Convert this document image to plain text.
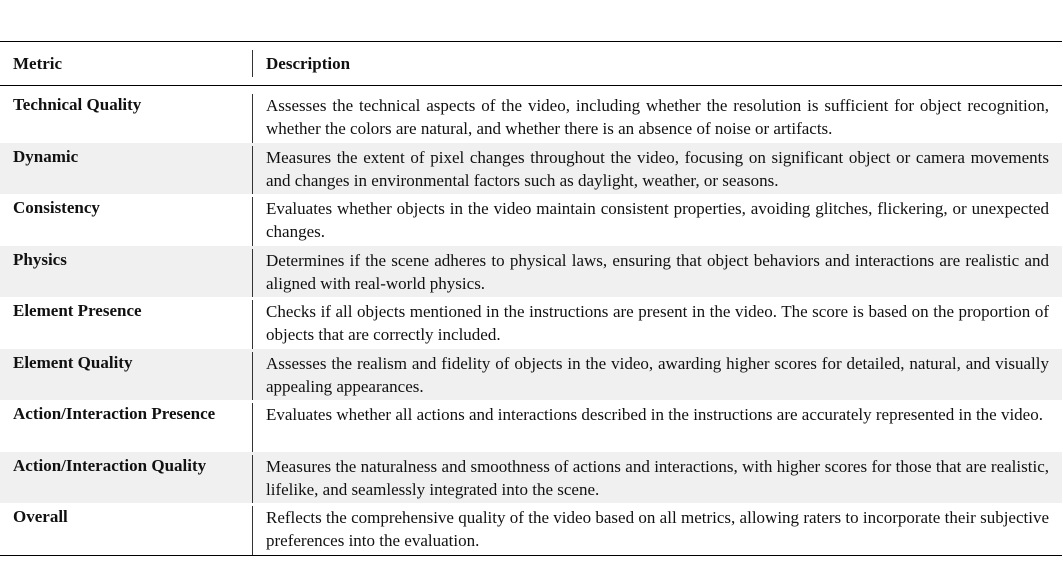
Metric	Description
Technical Quality	Assesses the technical aspects of the video, including whether the resolution is sufficient for object recognition, whether the colors are natural, and whether there is an absence of noise or artifacts.
Dynamic	Measures the extent of pixel changes throughout the video, focusing on significant object or camera movements and changes in environmental factors such as daylight, weather, or seasons.
Consistency	Evaluates whether objects in the video maintain consistent properties, avoiding glitches, flickering, or unexpected changes.
Physics	Determines if the scene adheres to physical laws, ensuring that object behaviors and interactions are realistic and aligned with real-world physics.
Element Presence	Checks if all objects mentioned in the instructions are present in the video. The score is based on the proportion of objects that are correctly included.
Element Quality	Assesses the realism and fidelity of objects in the video, awarding higher scores for detailed, natural, and visually appealing appearances.
Action/Interaction Presence	Evaluates whether all actions and interactions described in the instructions are accurately represented in the video.
Action/Interaction Quality	Measures the naturalness and smoothness of actions and interactions, with higher scores for those that are realistic, lifelike, and seamlessly integrated into the scene.
Overall	Reflects the comprehensive quality of the video based on all metrics, allowing raters to incorporate their subjective preferences into the evaluation.
